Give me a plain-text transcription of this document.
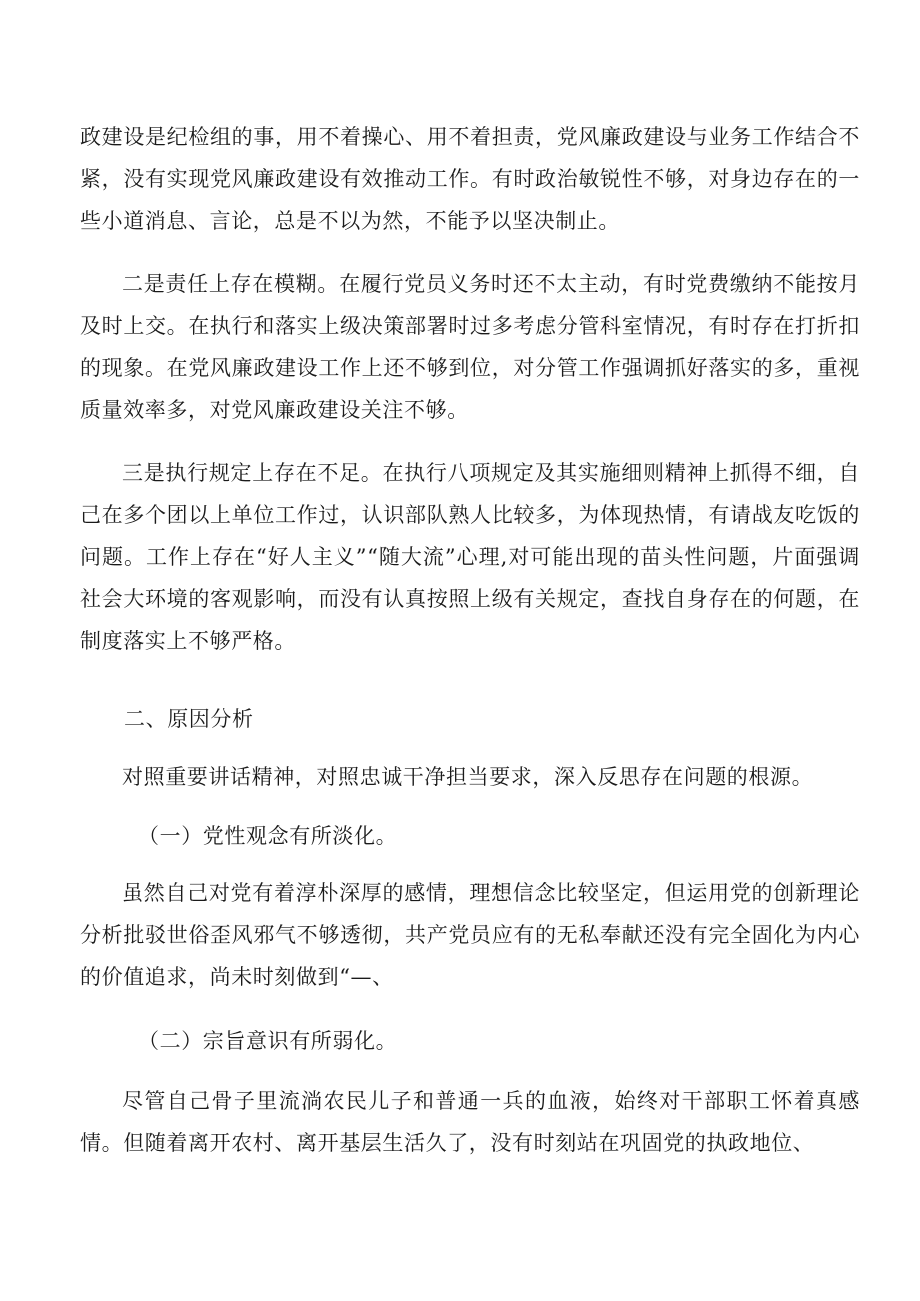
政建设是纪检组的事，用不着操心、用不着担责，党风廉政建设与业务工作结合不紧，没有实现党风廉政建设有效推动工作。有时政治敏锐性不够，对身边存在的一些小道消息、言论，总是不以为然，不能予以坚决制止。

二是责任上存在模糊。在履行党员义务时还不太主动，有时党费缴纳不能按月及时上交。在执行和落实上级决策部署时过多考虑分管科室情况，有时存在打折扣的现象。在党风廉政建设工作上还不够到位，对分管工作强调抓好落实的多，重视质量效率多，对党风廉政建设关注不够。

三是执行规定上存在不足。在执行八项规定及其实施细则精神上抓得不细，自己在多个团以上单位工作过，认识部队熟人比较多，为体现热情，有请战友吃饭的问题。工作上存在“好人主义”“随大流”心理,对可能出现的苗头性问题，片面强调社会大环境的客观影响，而没有认真按照上级有关规定，查找自身存在的何题，在制度落实上不够严格。

二、原因分析

对照重要讲话精神，对照忠诚干净担当要求，深入反思存在问题的根源。

（一）党性观念有所淡化。

虽然自己对党有着淳朴深厚的感情，理想信念比较坚定，但运用党的创新理论分析批驳世俗歪风邪气不够透彻，共产党员应有的无私奉献还没有完全固化为内心的价值追求，尚未时刻做到“—、

（二）宗旨意识有所弱化。

尽管自己骨子里流淌农民儿子和普通一兵的血液，始终对干部职工怀着真感情。但随着离开农村、离开基层生活久了，没有时刻站在巩固党的执政地位、
